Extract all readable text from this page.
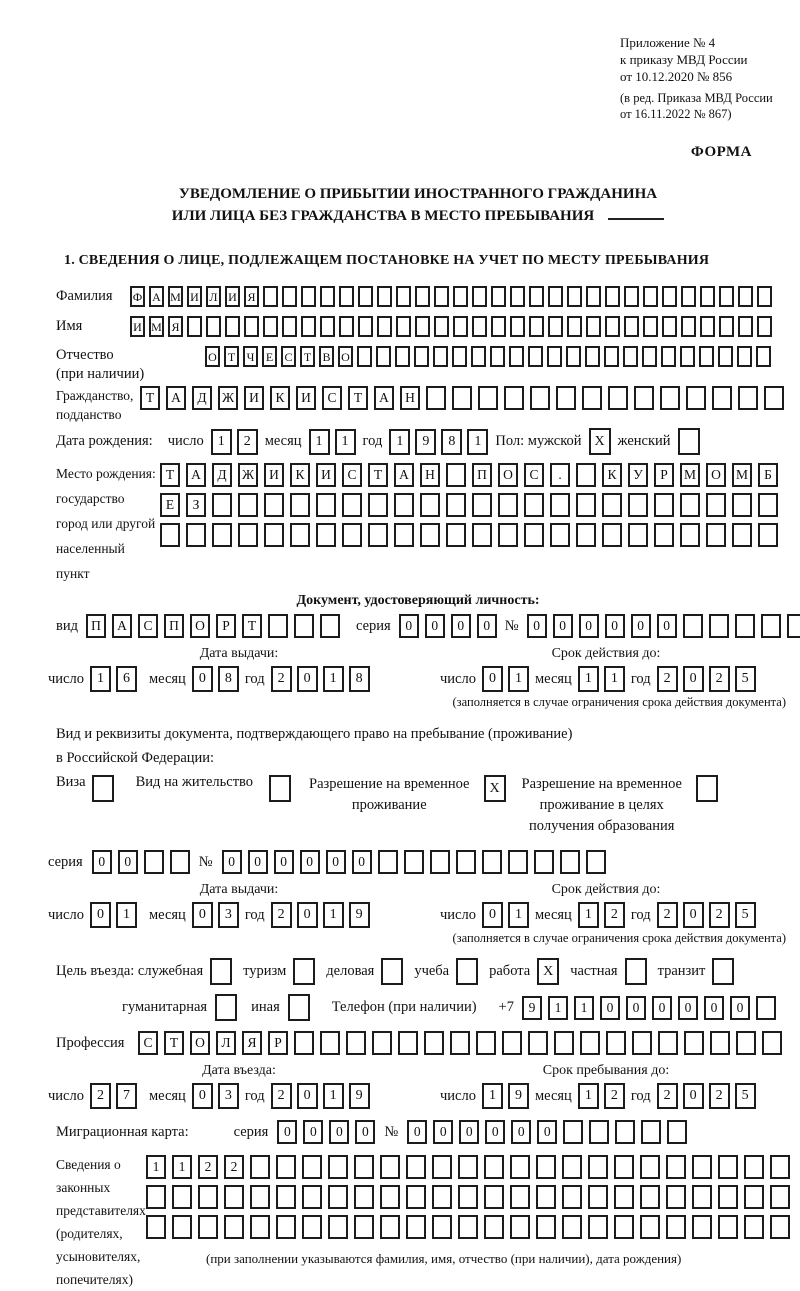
Приложение № 4
к приказу МВД России
от 10.12.2020 № 856
(в ред. Приказа МВД России
от 16.11.2022 № 867)
ФОРМА
УВЕДОМЛЕНИЕ О ПРИБЫТИИ ИНОСТРАННОГО ГРАЖДАНИНА
ИЛИ ЛИЦА БЕЗ ГРАЖДАНСТВА В МЕСТО ПРЕБЫВАНИЯ
1. СВЕДЕНИЯ О ЛИЦЕ, ПОДЛЕЖАЩЕМ ПОСТАНОВКЕ НА УЧЕТ ПО МЕСТУ ПРЕБЫВАНИЯ
Фамилия	Ф А М И Л И Я
Имя	И М Я
Отчество
(при наличии)
О Т Ч Е С Т В О
Гражданство,
подданство
Т	А	Д	Ж	И	К	И	С	Т	А	Н
Дата рождения: число	1	2 месяц	1	1 год	1	9	8	1 Пол: мужской X женский
Место рождения:
государство
город или другой
населенный пункт
Т	А	Д	Ж	И	К	И	С	Т	А	Н	П	О	С	.	К	У	Р	М	О	М	Б
Е	З
Документ, удостоверяющий личность:
вид П	А	С	П	О	Р	Т	серия	0	0	0	0	№	0	0	0	0	0	0
Дата выдачи:
число 1	6	месяц 0	8 год 2	0	1	8
Срок действия до:
число 0	1 месяц 1	1 год 2	0	2	5
(заполняется в случае ограничения срока действия документа)
Вид и реквизиты документа, подтверждающего право на пребывание (проживание)
в Российской Федерации:
Виза	Вид на жительство	Разрешение на временное
проживание
X	Разрешение на временное
проживание в целях
получения образования
серия	0	0	№	0	0	0	0	0	0
Дата выдачи:
число 0	1	месяц 0	3 год 2	0	1	9
Срок действия до:
число 0	1 месяц 1	2 год 2	0	2	5
(заполняется в случае ограничения срока действия документа)
Цель въезда: служебная	туризм	деловая	учеба	работа X	частная	транзит
гуманитарная	иная	Телефон (при наличии) +7	9	1	1	0	0	0	0	0	0
Профессия	С	Т	О	Л	Я	Р
Дата въезда:
число 2	7	месяц 0	3 год 2	0	1	9
Срок пребывания до:
число 1	9 месяц 1	2 год 2	0	2	5
Миграционная карта:	серия	0	0	0	0	№	0	0	0	0	0	0
Сведения о
законных
представителях
(родителях,
усыновителях,
попечителях)
1	1	2	2
(при заполнении указываются фамилия, имя, отчество (при наличии), дата рождения)
